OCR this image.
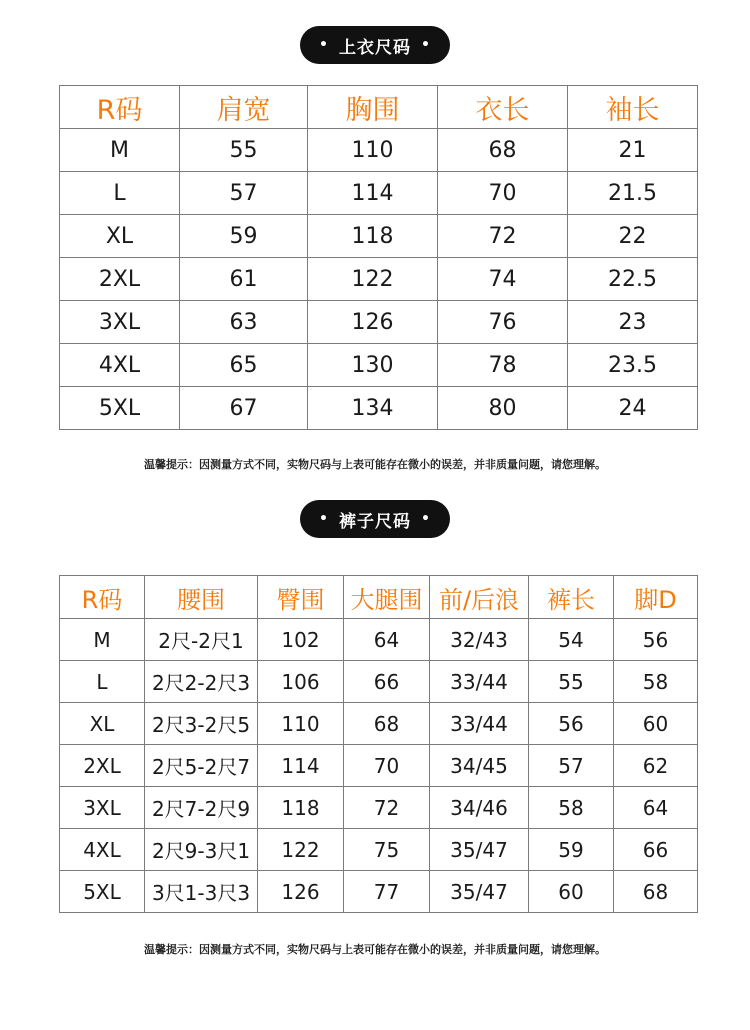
• 上衣尺码 •
R码	肩宽	胸围	衣长	袖长
M	55	110	68	21
L	57	114	70	21.5
XL	59	118	72	22
2XL	61	122	74	22.5
3XL	63	126	76	23
4XL	65	130	78	23.5
5XL	67	134	80	24
温馨提示：因测量方式不同，实物尺码与上表可能存在微小的误差，并非质量问题，请您理解。
• 裤子尺码 •
R码	腰围	臀围	大腿围	前/后浪	裤长	脚D
M	2尺-2尺1	102	64	32/43	54	56
L	2尺2-2尺3	106	66	33/44	55	58
XL	2尺3-2尺5	110	68	33/44	56	60
2XL	2尺5-2尺7	114	70	34/45	57	62
3XL	2尺7-2尺9	118	72	34/46	58	64
4XL	2尺9-3尺1	122	75	35/47	59	66
5XL	3尺1-3尺3	126	77	35/47	60	68
温馨提示：因测量方式不同，实物尺码与上表可能存在微小的误差，并非质量问题，请您理解。
